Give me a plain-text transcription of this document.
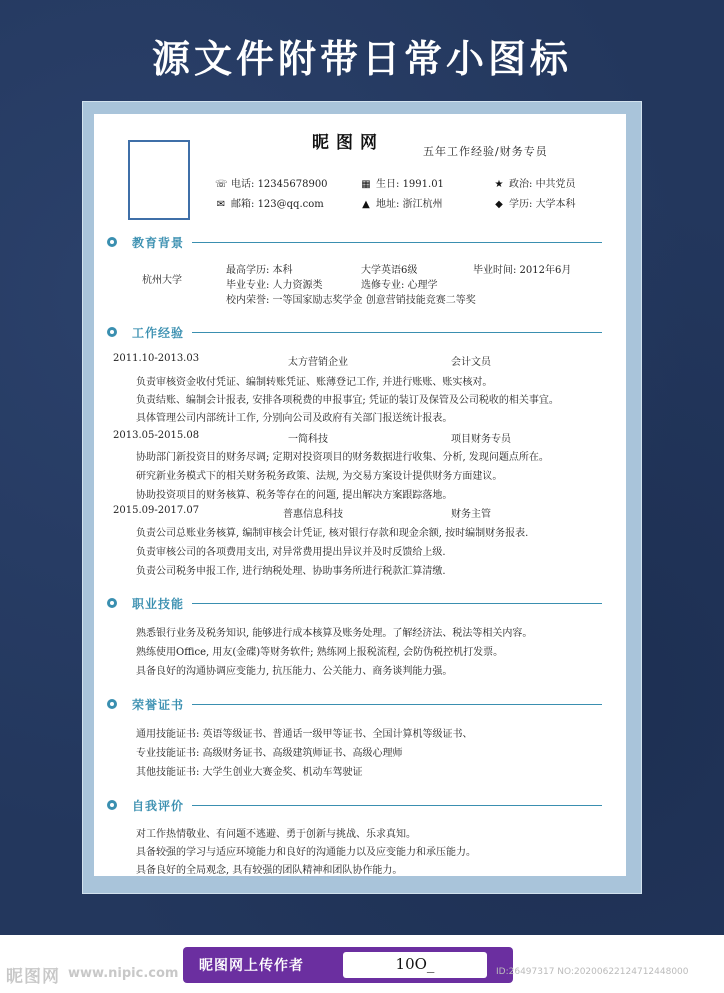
源文件附带日常小图标
昵图网	五年工作经验/财务专员
☏ 电话: 12345678900	▦ 生日: 1991.01	★ 政治: 中共党员
✉ 邮箱: 123@qq.com	▲ 地址: 浙江杭州	◆ 学历: 大学本科
教育背景
杭州大学
最高学历: 本科	大学英语6级	毕业时间: 2012年6月
毕业专业: 人力资源类	选修专业: 心理学
校内荣誉: 一等国家励志奖学金 创意营销技能竞赛二等奖
工作经验
2011.10-2013.03	太方营销企业	会计文员
负责审核资金收付凭证、编制转账凭证、账薄登记工作, 并进行账账、账实核对。
负责结账、编制会计报表, 安排各项税费的申报事宜; 凭证的装订及保管及公司税收的相关事宜。
具体管理公司内部统计工作, 分别向公司及政府有关部门报送统计报表。
2013.05-2015.08	一简科技	项目财务专员
协助部门新投资目的财务尽调; 定期对投资项目的财务数据进行收集、分析, 发现问题点所在。
研究新业务模式下的相关财务税务政策、法规, 为交易方案设计提供财务方面建议。
协助投资项目的财务核算、税务等存在的问题, 提出解决方案跟踪落地。
2015.09-2017.07	普惠信息科技	财务主管
负责公司总账业务核算, 编制审核会计凭证, 核对银行存款和现金余额, 按时编制财务报表.
负责审核公司的各项费用支出, 对异常费用提出异议并及时反馈给上级.
负责公司税务申报工作, 进行纳税处理、协助事务所进行税款汇算清缴.
职业技能
熟悉银行业务及税务知识, 能够进行成本核算及账务处理。了解经济法、税法等相关内容。
熟练使用Office, 用友(金碟)等财务软件; 熟练网上报税流程, 会防伪税控机打发票。
具备良好的沟通协调应变能力, 抗压能力、公关能力、商务谈判能力强。
荣誉证书
通用技能证书: 英语等级证书、普通话一级甲等证书、全国计算机等级证书、
专业技能证书: 高级财务证书、高级建筑师证书、高级心理师
其他技能证书: 大学生创业大赛金奖、机动车驾驶证
自我评价
对工作热情敬业、有问题不逃避、勇于创新与挑战、乐求真知。
具备较强的学习与适应环境能力和良好的沟通能力以及应变能力和承压能力。
具备良好的全局观念, 具有较强的团队精神和团队协作能力。
昵图网 www.nipic.com 昵图网上传作者	10O_	ID:26497317 NO:20200622124712448000
